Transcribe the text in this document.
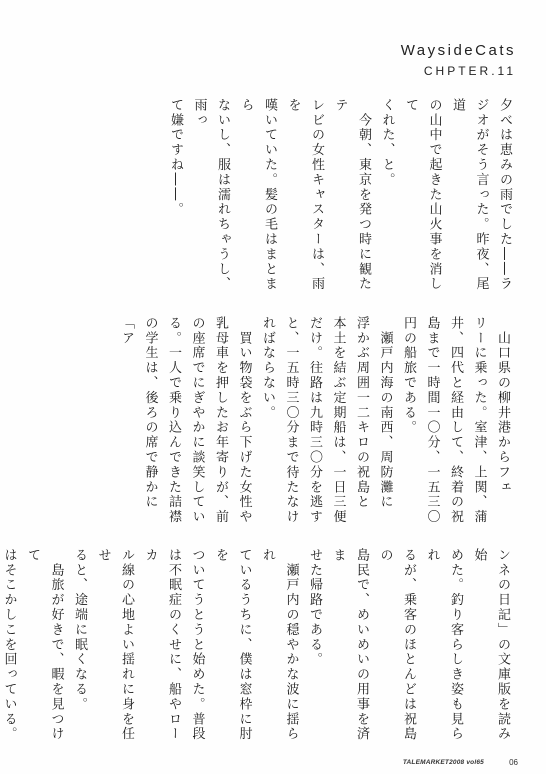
WaysideCats
CHPTER.11
夕べは恵みの雨でした――ラ
ジオがそう言った。昨夜、尾道
の山中で起きた山火事を消して
くれた、と。
　今朝、東京を発つ時に観たテ
レビの女性キャスターは、雨を
嘆いていた。髪の毛はまとまら
ないし、服は濡れちゃうし、雨っ
て嫌ですね――。
　山口県の柳井港からフェ
リーに乗った。室津、上関、蒲
井、四代と経由して、終着の祝
島まで一時間一〇分、一五三〇
円の船旅である。
　瀬戸内海の南西、周防灘に
浮かぶ周囲一二キロの祝島と
本土を結ぶ定期船は、一日三便
だけ。往路は九時三〇分を逃す
と、一五時三〇分まで待たなけ
ればならない。
　買い物袋をぶら下げた女性や
乳母車を押したお年寄りが、前
の座席でにぎやかに談笑してい
る。一人で乗り込んできた詰襟
の学生は、後ろの席で静かに「ア
ンネの日記」の文庫版を読み始
めた。釣り客らしき姿も見られ
るが、乗客のほとんどは祝島の
島民で、めいめいの用事を済ま
せた帰路である。
　瀬戸内の穏やかな波に揺られ
ているうちに、僕は窓枠に肘を
ついてうとうと始めた。普段
は不眠症のくせに、船やローカ
ル線の心地よい揺れに身を任せ
ると、途端に眠くなる。
　島旅が好きで、暇を見つけて
はそこかしこを回っている。

TALEMARKET2008 vol65	06
